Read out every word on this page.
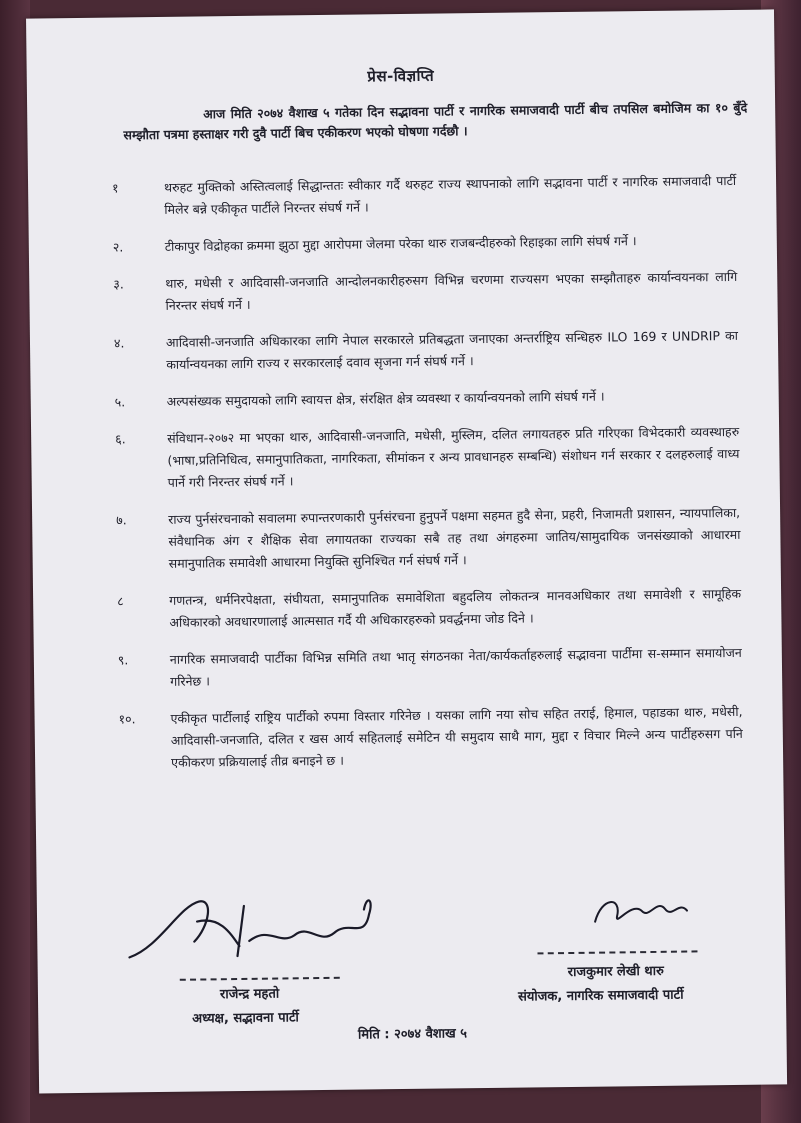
प्रेस-विज्ञप्ति
आज मिति २०७४ वैशाख ५ गतेका दिन सद्भावना पार्टी र नागरिक समाजवादी पार्टी बीच तपसिल बमोजिम का १० बुँदे सम्झौता पत्रमा हस्ताक्षर गरी दुवै पार्टी बिच एकीकरण भएको घोषणा गर्दछौ ।
१	थरुहट मुक्तिको अस्तित्वलाई सिद्धान्ततः स्वीकार गर्दै थरुहट राज्य स्थापनाको लागि सद्भावना पार्टी र नागरिक समाजवादी पार्टी मिलेर बन्ने एकीकृत पार्टीले निरन्तर संघर्ष गर्ने ।
२.	टीकापुर विद्रोहका क्रममा झुठा मुद्दा आरोपमा जेलमा परेका थारु राजबन्दीहरुको रिहाइका लागि संघर्ष गर्ने ।
३.	थारु, मधेसी र आदिवासी-जनजाति आन्दोलनकारीहरुसग विभिन्न चरणमा राज्यसग भएका सम्झौताहरु कार्यान्वयनका लागि निरन्तर संघर्ष गर्ने ।
४.	आदिवासी-जनजाति अधिकारका लागि नेपाल सरकारले प्रतिबद्धता जनाएका अन्तर्राष्ट्रिय सन्धिहरु ILO 169 र UNDRIP का कार्यान्वयनका लागि राज्य र सरकारलाई दवाव सृजना गर्न संघर्ष गर्ने ।
५.	अल्पसंख्यक समुदायको लागि स्वायत्त क्षेत्र, संरक्षित क्षेत्र व्यवस्था र कार्यान्वयनको लागि संघर्ष गर्ने ।
६.	संविधान-२०७२ मा भएका थारु, आदिवासी-जनजाति, मधेसी, मुस्लिम, दलित लगायतहरु प्रति गरिएका विभेदकारी व्यवस्थाहरु (भाषा,प्रतिनिधित्व, समानुपातिकता, नागरिकता, सीमांकन र अन्य प्रावधानहरु सम्बन्धि) संशोधन गर्न सरकार र दलहरुलाई वाध्य पार्ने गरी निरन्तर संघर्ष गर्ने ।
७.	राज्य पुर्नसंरचनाको सवालमा रुपान्तरणकारी पुर्नसंरचना हुनुपर्ने पक्षमा सहमत हुदै सेना, प्रहरी, निजामती प्रशासन, न्यायपालिका, संवैधानिक अंग र शैक्षिक सेवा लगायतका राज्यका सबै तह तथा अंगहरुमा जातिय/सामुदायिक जनसंख्याको आधारमा समानुपातिक समावेशी आधारमा नियुक्ति सुनिश्चित गर्न संघर्ष गर्ने ।
८	गणतन्त्र, धर्मनिरपेक्षता, संघीयता, समानुपातिक समावेशिता बहुदलिय लोकतन्त्र मानवअधिकार तथा समावेशी र सामूहिक अधिकारको अवधारणालाई आत्मसात गर्दै यी अधिकारहरुको प्रवर्द्धनमा जोड दिने ।
९.	नागरिक समाजवादी पार्टीका विभिन्न समिति तथा भातृ संगठनका नेता/कार्यकर्ताहरुलाई सद्भावना पार्टीमा स-सम्मान समायोजन गरिनेछ ।
१०.	एकीकृत पार्टीलाई राष्ट्रिय पार्टीको रुपमा विस्तार गरिनेछ । यसका लागि नया सोच सहित तराई, हिमाल, पहाडका थारु, मधेसी, आदिवासी-जनजाति, दलित र खस आर्य सहितलाई समेटिन यी समुदाय साथै माग, मुद्दा र विचार मिल्ने अन्य पार्टीहरुसग पनि एकीकरण प्रक्रियालाई तीव्र बनाइने छ ।
राजेन्द्र महतो
अध्यक्ष, सद्भावना पार्टी
राजकुमार लेखी थारु
संयोजक, नागरिक समाजवादी पार्टी
मिति : २०७४ वैशाख ५
